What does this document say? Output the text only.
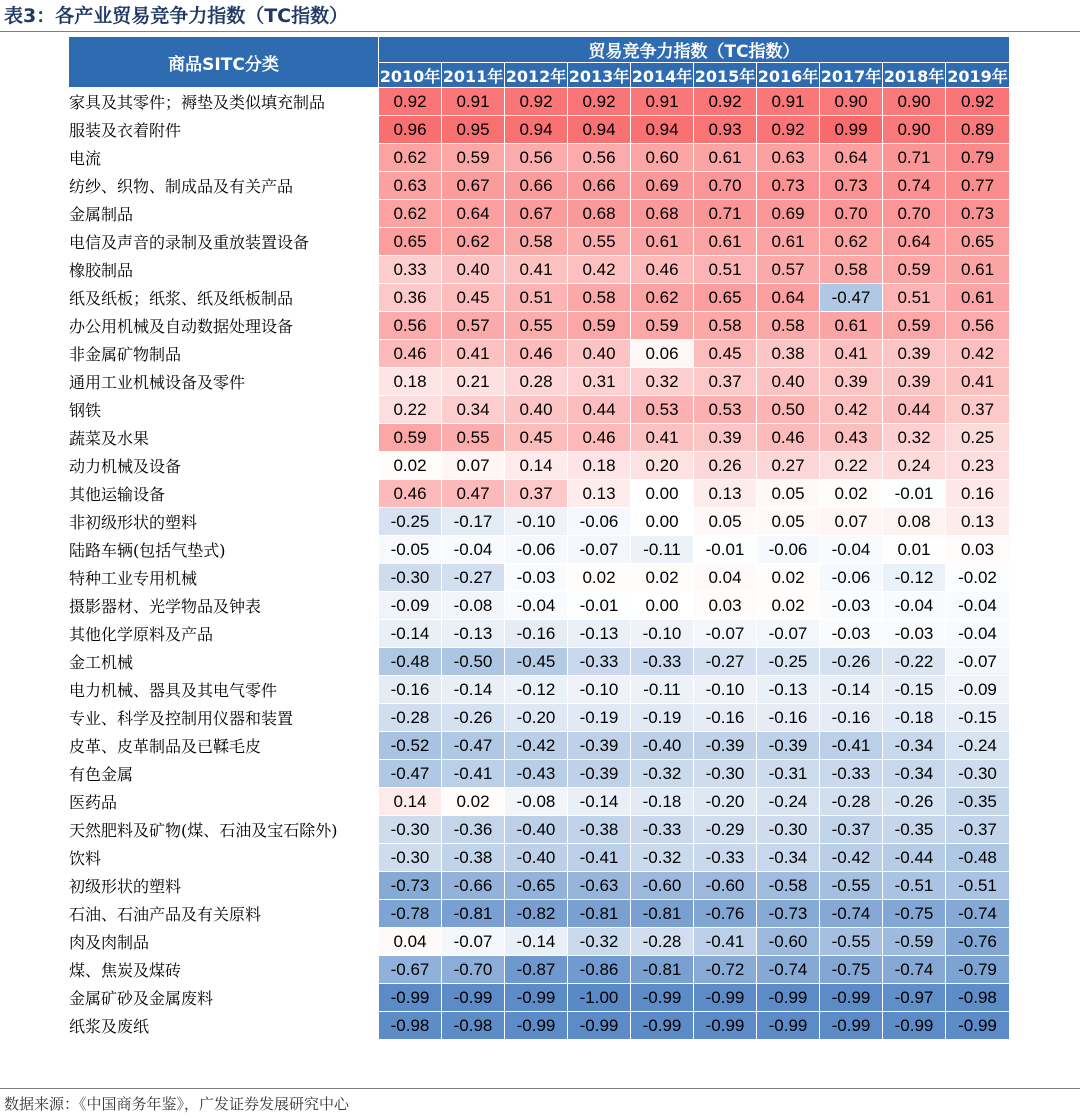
表3：各产业贸易竞争力指数（TC指数）
商品SITC分类	贸易竞争力指数（TC指数）									
	2010年	2011年	2012年	2013年	2014年	2015年	2016年	2017年	2018年	2019年
家具及其零件；褥垫及类似填充制品	0.92	0.91	0.92	0.92	0.91	0.92	0.91	0.90	0.90	0.92
服装及衣着附件	0.96	0.95	0.94	0.94	0.94	0.93	0.92	0.99	0.90	0.89
电流	0.62	0.59	0.56	0.56	0.60	0.61	0.63	0.64	0.71	0.79
纺纱、织物、制成品及有关产品	0.63	0.67	0.66	0.66	0.69	0.70	0.73	0.73	0.74	0.77
金属制品	0.62	0.64	0.67	0.68	0.68	0.71	0.69	0.70	0.70	0.73
电信及声音的录制及重放装置设备	0.65	0.62	0.58	0.55	0.61	0.61	0.61	0.62	0.64	0.65
橡胶制品	0.33	0.40	0.41	0.42	0.46	0.51	0.57	0.58	0.59	0.61
纸及纸板；纸浆、纸及纸板制品	0.36	0.45	0.51	0.58	0.62	0.65	0.64	-0.47	0.51	0.61
办公用机械及自动数据处理设备	0.56	0.57	0.55	0.59	0.59	0.58	0.58	0.61	0.59	0.56
非金属矿物制品	0.46	0.41	0.46	0.40	0.06	0.45	0.38	0.41	0.39	0.42
通用工业机械设备及零件	0.18	0.21	0.28	0.31	0.32	0.37	0.40	0.39	0.39	0.41
钢铁	0.22	0.34	0.40	0.44	0.53	0.53	0.50	0.42	0.44	0.37
蔬菜及水果	0.59	0.55	0.45	0.46	0.41	0.39	0.46	0.43	0.32	0.25
动力机械及设备	0.02	0.07	0.14	0.18	0.20	0.26	0.27	0.22	0.24	0.23
其他运输设备	0.46	0.47	0.37	0.13	0.00	0.13	0.05	0.02	-0.01	0.16
非初级形状的塑料	-0.25	-0.17	-0.10	-0.06	0.00	0.05	0.05	0.07	0.08	0.13
陆路车辆(包括气垫式)	-0.05	-0.04	-0.06	-0.07	-0.11	-0.01	-0.06	-0.04	0.01	0.03
特种工业专用机械	-0.30	-0.27	-0.03	0.02	0.02	0.04	0.02	-0.06	-0.12	-0.02
摄影器材、光学物品及钟表	-0.09	-0.08	-0.04	-0.01	0.00	0.03	0.02	-0.03	-0.04	-0.04
其他化学原料及产品	-0.14	-0.13	-0.16	-0.13	-0.10	-0.07	-0.07	-0.03	-0.03	-0.04
金工机械	-0.48	-0.50	-0.45	-0.33	-0.33	-0.27	-0.25	-0.26	-0.22	-0.07
电力机械、器具及其电气零件	-0.16	-0.14	-0.12	-0.10	-0.11	-0.10	-0.13	-0.14	-0.15	-0.09
专业、科学及控制用仪器和装置	-0.28	-0.26	-0.20	-0.19	-0.19	-0.16	-0.16	-0.16	-0.18	-0.15
皮革、皮革制品及已鞣毛皮	-0.52	-0.47	-0.42	-0.39	-0.40	-0.39	-0.39	-0.41	-0.34	-0.24
有色金属	-0.47	-0.41	-0.43	-0.39	-0.32	-0.30	-0.31	-0.33	-0.34	-0.30
医药品	0.14	0.02	-0.08	-0.14	-0.18	-0.20	-0.24	-0.28	-0.26	-0.35
天然肥料及矿物(煤、石油及宝石除外)	-0.30	-0.36	-0.40	-0.38	-0.33	-0.29	-0.30	-0.37	-0.35	-0.37
饮料	-0.30	-0.38	-0.40	-0.41	-0.32	-0.33	-0.34	-0.42	-0.44	-0.48
初级形状的塑料	-0.73	-0.66	-0.65	-0.63	-0.60	-0.60	-0.58	-0.55	-0.51	-0.51
石油、石油产品及有关原料	-0.78	-0.81	-0.82	-0.81	-0.81	-0.76	-0.73	-0.74	-0.75	-0.74
肉及肉制品	0.04	-0.07	-0.14	-0.32	-0.28	-0.41	-0.60	-0.55	-0.59	-0.76
煤、焦炭及煤砖	-0.67	-0.70	-0.87	-0.86	-0.81	-0.72	-0.74	-0.75	-0.74	-0.79
金属矿砂及金属废料	-0.99	-0.99	-0.99	-1.00	-0.99	-0.99	-0.99	-0.99	-0.97	-0.98
纸浆及废纸	-0.98	-0.98	-0.99	-0.99	-0.99	-0.99	-0.99	-0.99	-0.99	-0.99
数据来源：《中国商务年鉴》，广发证券发展研究中心
